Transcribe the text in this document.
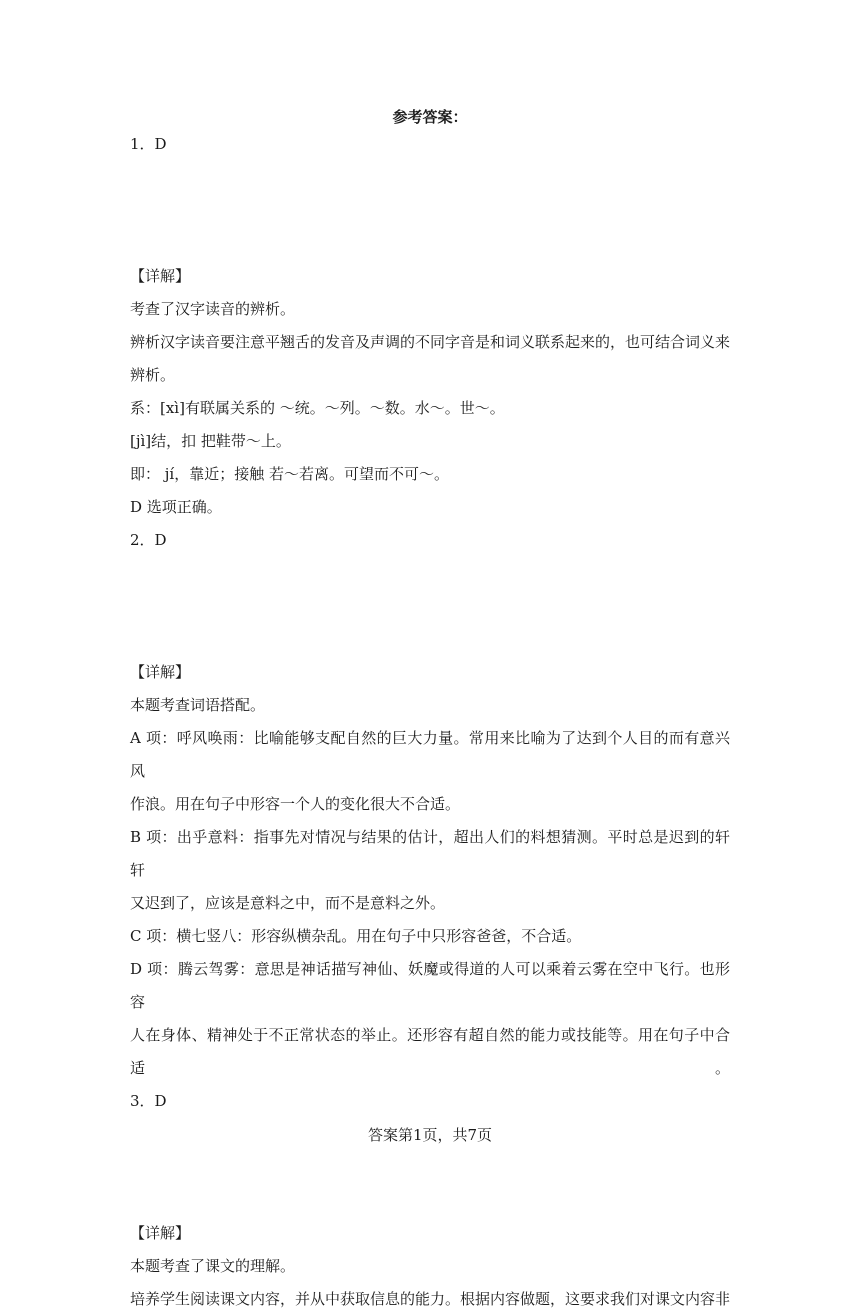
参考答案：
1．D
【详解】
考查了汉字读音的辨析。
辨析汉字读音要注意平翘舌的发音及声调的不同字音是和词义联系起来的，也可结合词义来
辨析。
系：[xì]有联属关系的 ～统。～列。～数。水～。世～。
[jì]结，扣 把鞋带～上。
即： jí，靠近；接触 若～若离。可望而不可～。
D 选项正确。
2．D
【详解】
本题考查词语搭配。
A 项：呼风唤雨：比喻能够支配自然的巨大力量。常用来比喻为了达到个人目的而有意兴风
作浪。用在句子中形容一个人的变化很大不合适。
B 项：出乎意料：指事先对情况与结果的估计，超出人们的料想猜测。平时总是迟到的轩轩
又迟到了，应该是意料之中，而不是意料之外。
C 项：横七竖八：形容纵横杂乱。用在句子中只形容爸爸，不合适。
D 项：腾云驾雾：意思是神话描写神仙、妖魔或得道的人可以乘着云雾在空中飞行。也形容
人在身体、精神处于不正常状态的举止。还形容有超自然的能力或技能等。用在句子中合适。
3．D
【详解】
本题考查了课文的理解。
培养学生阅读课文内容，并从中获取信息的能力。根据内容做题，这要求我们对课文内容非
答案第1页，共7页
